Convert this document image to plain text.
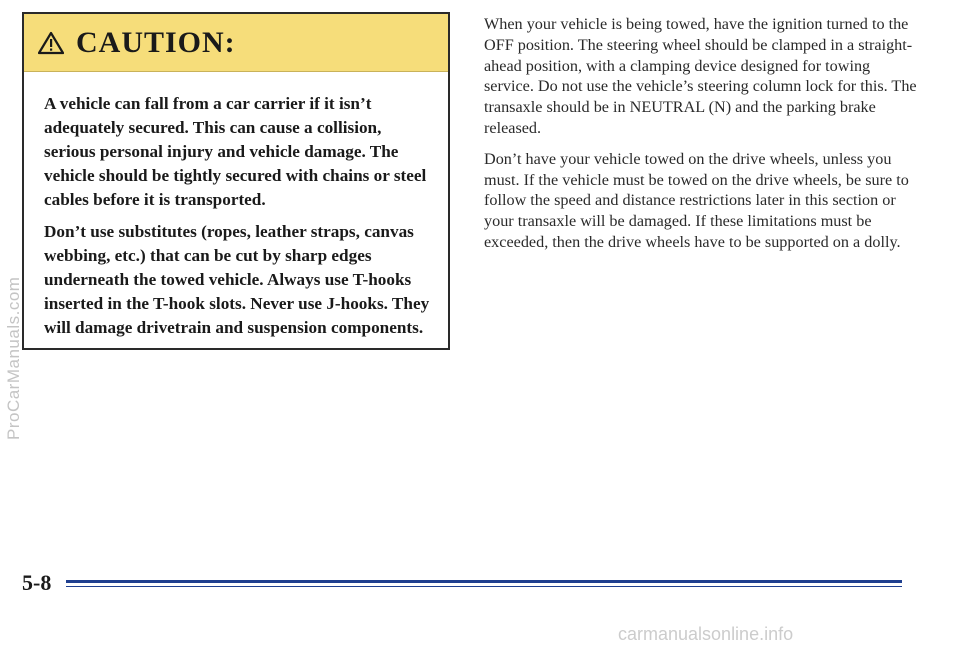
CAUTION:

A vehicle can fall from a car carrier if it isn’t adequately secured. This can cause a collision, serious personal injury and vehicle damage. The vehicle should be tightly secured with chains or steel cables before it is transported.

Don’t use substitutes (ropes, leather straps, canvas webbing, etc.) that can be cut by sharp edges underneath the towed vehicle. Always use T-hooks inserted in the T-hook slots. Never use J-hooks. They will damage drivetrain and suspension components.

When your vehicle is being towed, have the ignition turned to the OFF position. The steering wheel should be clamped in a straight-ahead position, with a clamping device designed for towing service. Do not use the vehicle’s steering column lock for this. The transaxle should be in NEUTRAL (N) and the parking brake released.

Don’t have your vehicle towed on the drive wheels, unless you must. If the vehicle must be towed on the drive wheels, be sure to follow the speed and distance restrictions later in this section or your transaxle will be damaged. If these limitations must be exceeded, then the drive wheels have to be supported on a dolly.

ProCarManuals.com
5-8
carmanualsonline.info
